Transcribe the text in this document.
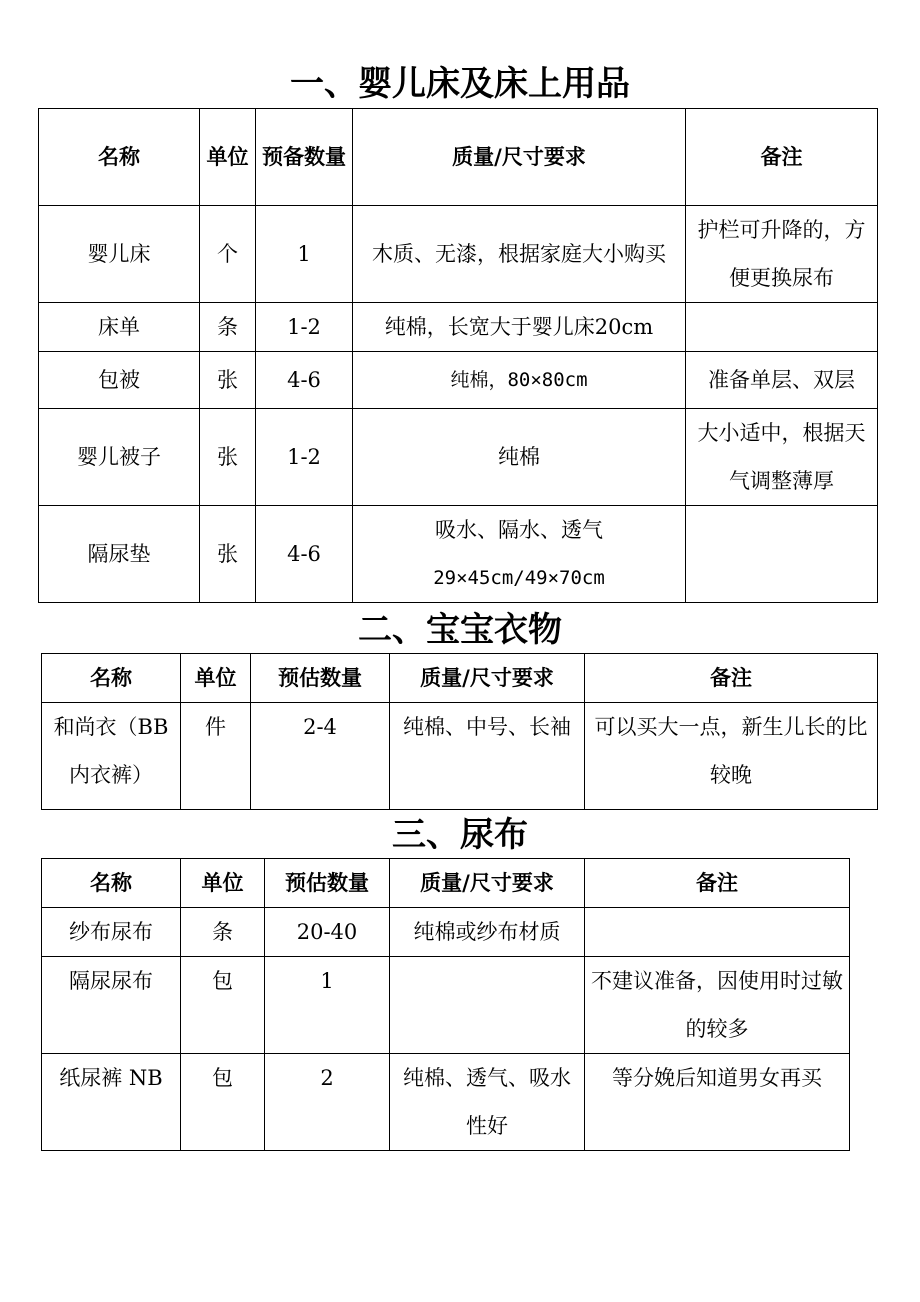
一、婴儿床及床上用品
名称	单位	预备数量	质量/尺寸要求	备注
婴儿床	个	1	木质、无漆，根据家庭大小购买	护栏可升降的，方便更换尿布
床单	条	1-2	纯棉，长宽大于婴儿床20cm	
包被	张	4-6	纯棉，80×80cm	准备单层、双层
婴儿被子	张	1-2	纯棉	大小适中，根据天气调整薄厚
隔尿垫	张	4-6	吸水、隔水、透气
29×45cm/49×70cm	

二、宝宝衣物
名称	单位	预估数量	质量/尺寸要求	备注
和尚衣（BB内衣裤）	件	2-4	纯棉、中号、长袖	可以买大一点，新生儿长的比较晚
三、尿布
名称	单位	预估数量	质量/尺寸要求	备注
纱布尿布	条	20-40	纯棉或纱布材质	
隔尿尿布	包	1		不建议准备，因使用时过敏的较多
纸尿裤 NB	包	2	纯棉、透气、吸水性好	等分娩后知道男女再买
